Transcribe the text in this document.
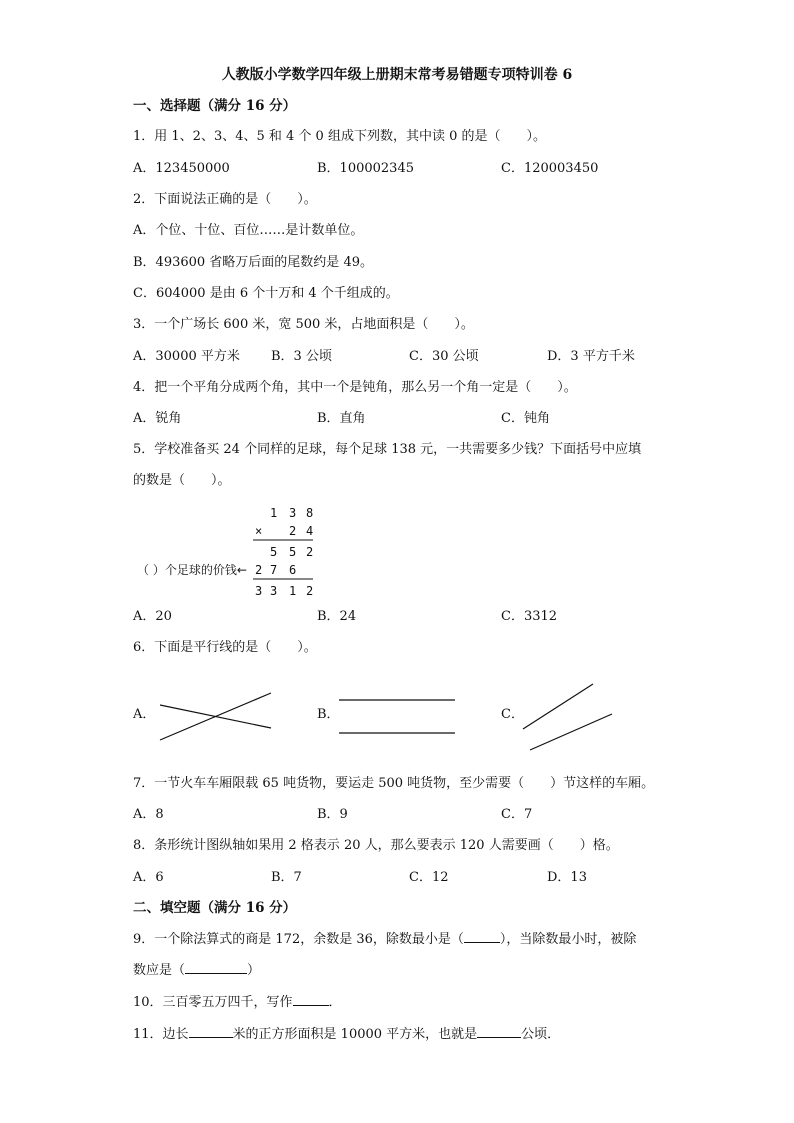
人教版小学数学四年级上册期末常考易错题专项特训卷 6
一、选择题（满分 16 分）
1．用 1、2、3、4、5 和 4 个 0 组成下列数，其中读 0 的是（　　）。
A．123450000	B．100002345	C．120003450
2．下面说法正确的是（　　）。
A．个位、十位、百位……是计数单位。
B．493600 省略万后面的尾数约是 49。
C．604000 是由 6 个十万和 4 个千组成的。
3．一个广场长 600 米，宽 500 米，占地面积是（　　）。
A．30000 平方米 B．3 公顷	C．30 公顷	D．3 平方千米
4．把一个平角分成两个角，其中一个是钝角，那么另一个角一定是（　　）。
A．锐角	B．直角	C．钝角
5．学校准备买 24 个同样的足球，每个足球 138 元，一共需要多少钱？下面括号中应填
的数是（　　）。
1 3 8
× 2 4
5 5 2
（ ）个足球的价钱← 2 7 6
3 3 1 2
A．20	B．24	C．3312
6．下面是平行线的是（　　）。
A．	B．	C．
7．一节火车车厢限载 65 吨货物，要运走 500 吨货物，至少需要（　　）节这样的车厢。
A．8	B．9	C．7
8．条形统计图纵轴如果用 2 格表示 20 人，那么要表示 120 人需要画（　　）格。
A．6	B．7	C．12	D．13
二、填空题（满分 16 分）
9．一个除法算式的商是 172，余数是 36，除数最小是（	），当除数最小时，被除
数应是（	）
10．三百零五万四千，写作	．
11．边长	米的正方形面积是 10000 平方米，也就是	公顷．
